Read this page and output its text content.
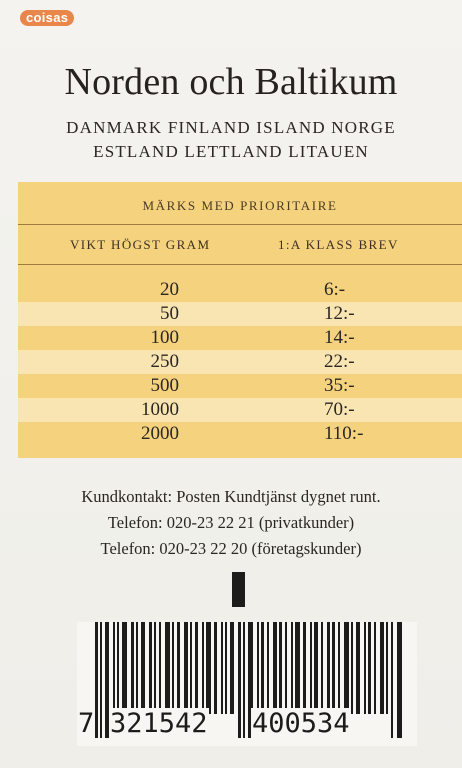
coisas
Norden och Baltikum
DANMARK FINLAND ISLAND NORGE
ESTLAND LETTLAND LITAUEN
MÄRKS MED PRIORITAIRE
VIKT HÖGST GRAM	1:A KLASS BREV
20	6:-
50	12:-
100	14:-
250	22:-
500	35:-
1000	70:-
2000	110:-
Kundkontakt: Posten Kundtjänst dygnet runt.
Telefon: 020-23 22 21 (privatkunder)
Telefon: 020-23 22 20 (företagskunder)
7 321542 400534
